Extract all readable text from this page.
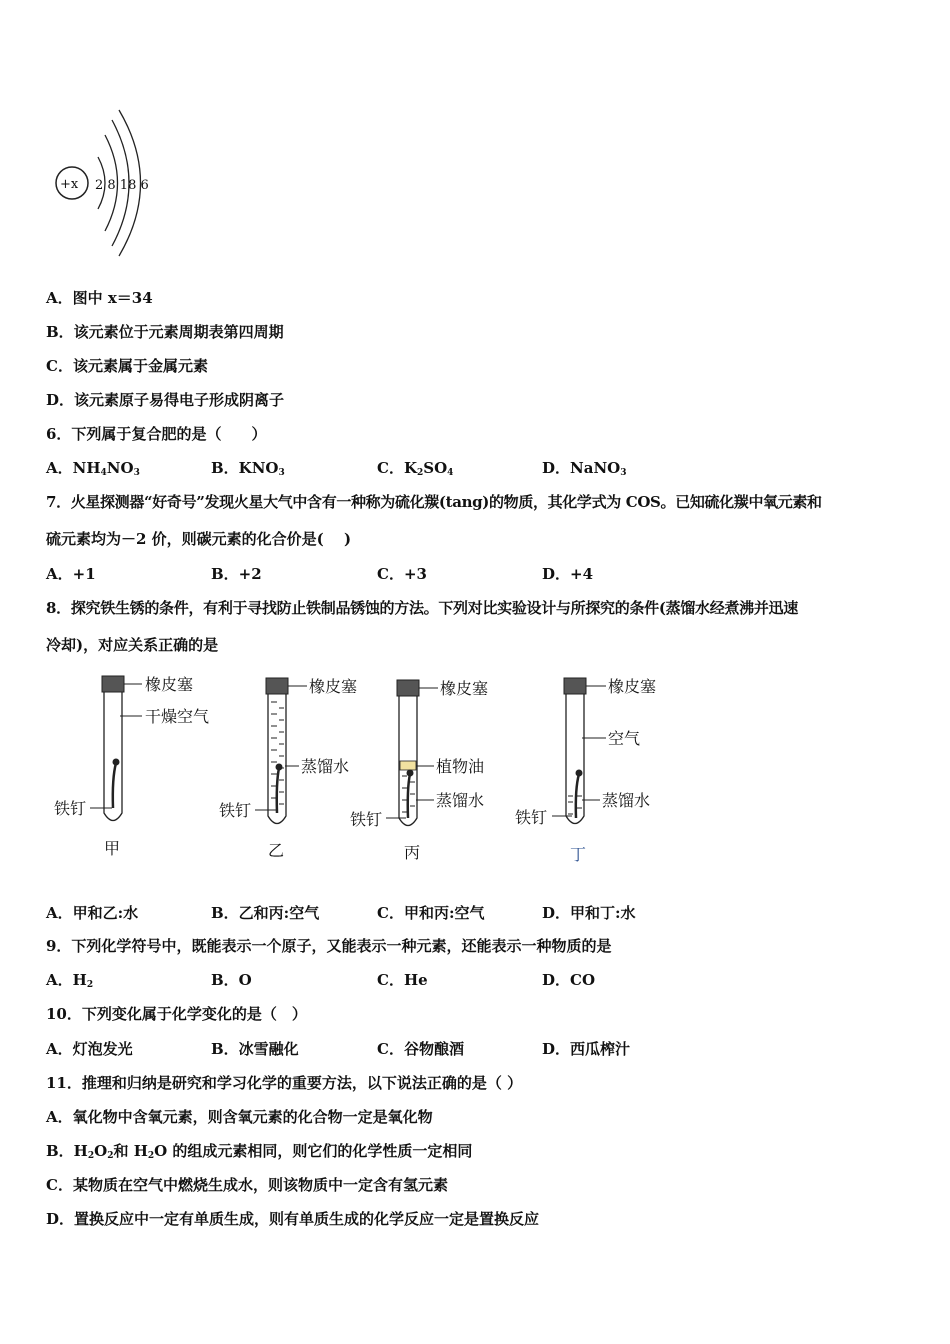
+x 2 8 18 6
A．图中 x＝34
B．该元素位于元素周期表第四周期
C．该元素属于金属元素
D．该元素原子易得电子形成阴离子
6．下列属于复合肥的是（　　）
A．$NH_4NO_3$	B．$KNO_3$	C．$K_2SO_4$	D．NaNO$_3$
7．火星探测器“好奇号”发现火星大气中含有一种称为硫化羰(tang)的物质，其化学式为 COS。已知硫化羰中氧元素和
硫元素均为－2 价，则碳元素的化合价是(　 )
A．+1	B．+2	C．+3	D．+4
8．探究铁生锈的条件，有利于寻找防止铁制品锈蚀的方法。下列对比实验设计与所探究的条件(蒸馏水经煮沸并迅速
冷却)，对应关系正确的是
橡皮塞
干燥空气
铁钉
甲
橡皮塞
蒸馏水
铁钉
乙
橡皮塞
植物油
蒸馏水
铁钉
丙
橡皮塞
空气
蒸馏水
铁钉
丁
A．甲和乙:水	B．乙和丙:空气	C．甲和丙:空气	D．甲和丁:水
9．下列化学符号中，既能表示一个原子，又能表示一种元素，还能表示一种物质的是
A．$H_2$	B．O	C．He	D．CO
10．下列变化属于化学变化的是（　）
A．灯泡发光	B．冰雪融化	C．谷物酿酒	D．西瓜榨汁
11．推理和归纳是研究和学习化学的重要方法，以下说法正确的是（ ）
A．氧化物中含氧元素，则含氧元素的化合物一定是氧化物
B．$H_2O_2$和 $H_2O$ 的组成元素相同，则它们的化学性质一定相同
C．某物质在空气中燃烧生成水，则该物质中一定含有氢元素
D．置换反应中一定有单质生成，则有单质生成的化学反应一定是置换反应
